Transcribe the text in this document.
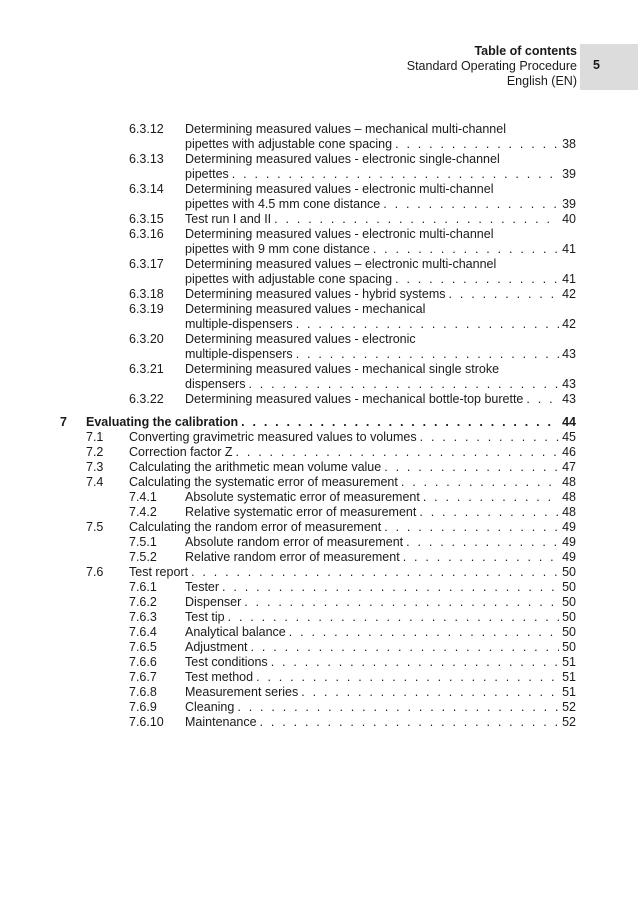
Table of contents
Standard Operating Procedure
English (EN)
5
6.3.12 Determining measured values – mechanical multi-channel
pipettes with adjustable cone spacing . . .	38
6.3.13 Determining measured values - electronic single-channel
pipettes . . .	39
6.3.14 Determining measured values - electronic multi-channel
pipettes with 4.5 mm cone distance . . .	39
6.3.15 Test run I and II . . .	40
6.3.16 Determining measured values - electronic multi-channel
pipettes with 9 mm cone distance . . .	41
6.3.17 Determining measured values – electronic multi-channel
pipettes with adjustable cone spacing . . .	41
6.3.18 Determining measured values - hybrid systems . . .	42
6.3.19 Determining measured values - mechanical
multiple-dispensers . . .	42
6.3.20 Determining measured values - electronic
multiple-dispensers . . .	43
6.3.21 Determining measured values - mechanical single stroke
dispensers . . .	43
6.3.22 Determining measured values - mechanical bottle-top burette . . .	43
7 Evaluating the calibration . . .	44
7.1 Converting gravimetric measured values to volumes . . .	45
7.2 Correction factor Z . . .	46
7.3 Calculating the arithmetic mean volume value . . .	47
7.4 Calculating the systematic error of measurement . . .	48
7.4.1 Absolute systematic error of measurement . . .	48
7.4.2 Relative systematic error of measurement . . .	48
7.5 Calculating the random error of measurement . . .	49
7.5.1 Absolute random error of measurement . . .	49
7.5.2 Relative random error of measurement . . .	49
7.6 Test report . . .	50
7.6.1 Tester . . .	50
7.6.2 Dispenser . . .	50
7.6.3 Test tip . . .	50
7.6.4 Analytical balance . . .	50
7.6.5 Adjustment . . .	50
7.6.6 Test conditions . . .	51
7.6.7 Test method . . .	51
7.6.8 Measurement series . . .	51
7.6.9 Cleaning . . .	52
7.6.10 Maintenance . . .	52
